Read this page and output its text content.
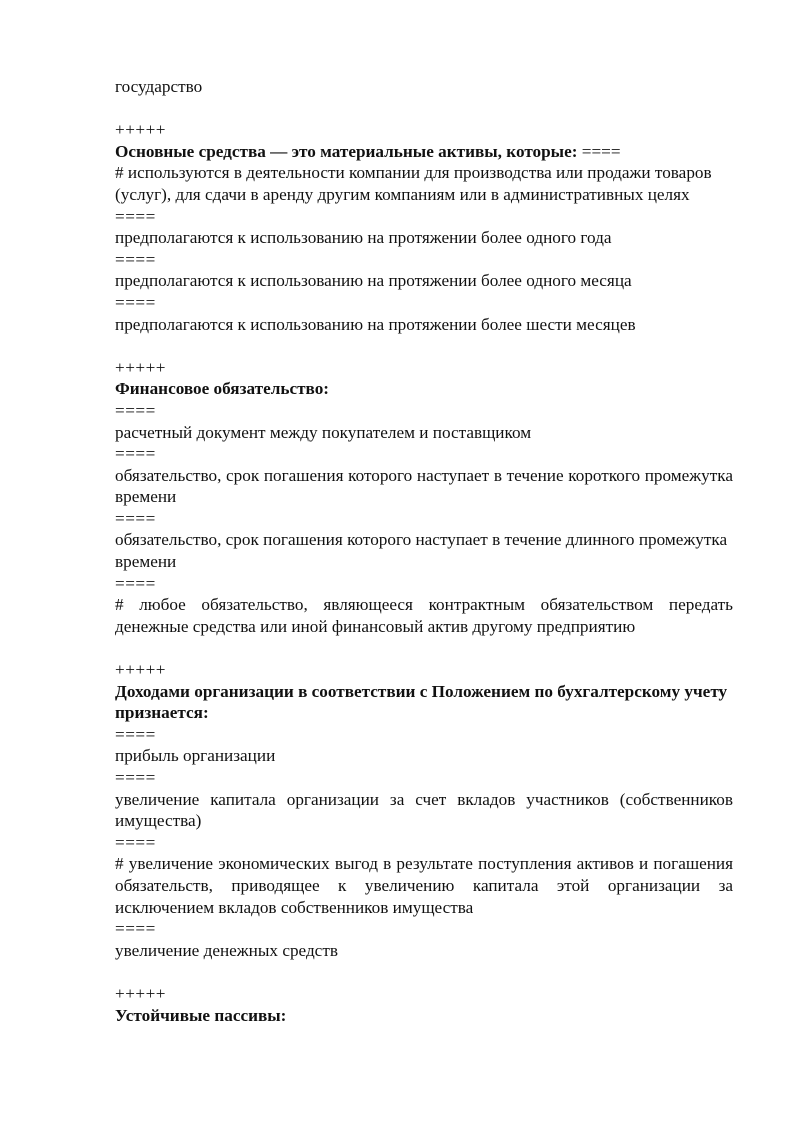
государство
+++++
Основные средства — это материальные активы, которые: ====
# используются в деятельности компании для производства или продажи товаров (услуг), для сдачи в аренду другим компаниям или в административных целях
====
предполагаются к использованию на протяжении более одного года
====
предполагаются к использованию на протяжении более одного месяца
====
предполагаются к использованию на протяжении более шести месяцев
+++++
Финансовое обязательство:
====
расчетный документ между покупателем и поставщиком
====
обязательство, срок погашения которого наступает в течение короткого промежутка времени
====
обязательство, срок погашения которого наступает в течение длинного промежутка времени
====
# любое обязательство, являющееся контрактным обязательством передать денежные средства или иной финансовый актив другому предприятию
+++++
Доходами организации в соответствии с Положением по бухгалтерскому учету признается:
====
прибыль организации
====
увеличение капитала организации за счет вкладов участников (собственников имущества)
====
# увеличение экономических выгод в результате поступления активов и погашения обязательств, приводящее к увеличению капитала этой организации за исключением вкладов собственников имущества
====
увеличение денежных средств
+++++
Устойчивые пассивы:
